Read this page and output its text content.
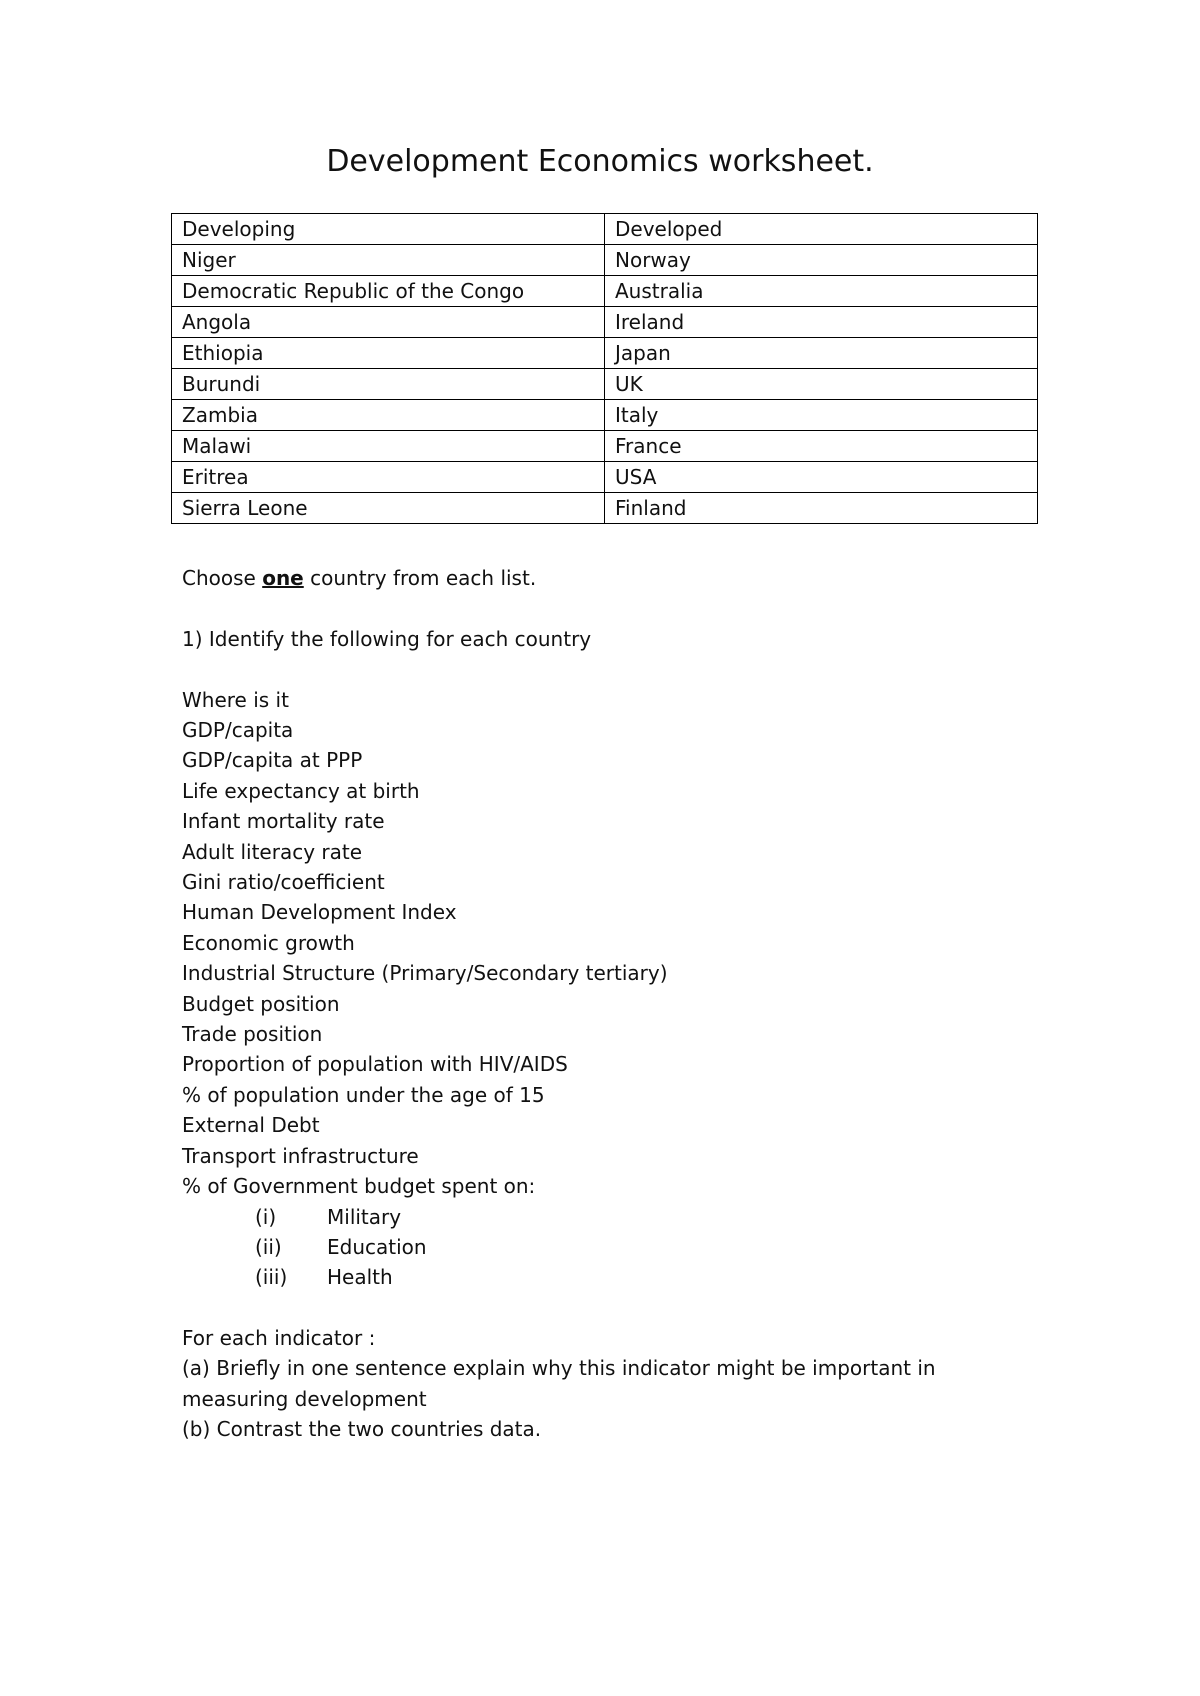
Development Economics worksheet.
Developing	Developed
Niger	Norway
Democratic Republic of the Congo	Australia
Angola	Ireland
Ethiopia	Japan
Burundi	UK
Zambia	Italy
Malawi	France
Eritrea	USA
Sierra Leone	Finland
Choose one country from each list.
1) Identify the following for each country
Where is it
GDP/capita
GDP/capita at PPP
Life expectancy at birth
Infant mortality rate
Adult literacy rate
Gini ratio/coefficient
Human Development Index
Economic growth
Industrial Structure (Primary/Secondary tertiary)
Budget position
Trade position
Proportion of population with HIV/AIDS
% of population under the age of 15
External Debt
Transport infrastructure
% of Government budget spent on:
(i)	Military
(ii) Education
(iii) Health
For each indicator :
(a) Briefly in one sentence explain why this indicator might be important in measuring development
(b) Contrast the two countries data.
